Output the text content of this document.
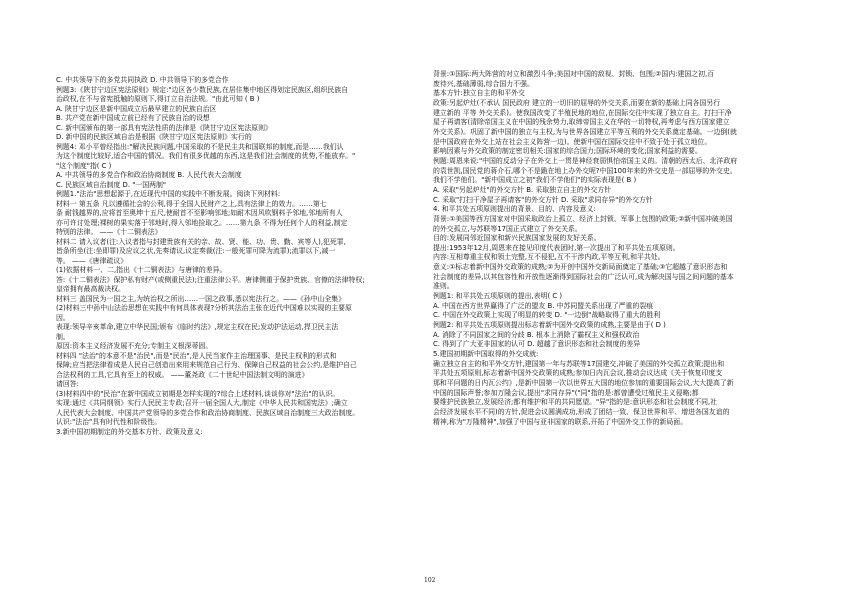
C. 中共领导下的多党共同执政 D. 中共领导下的多党合作
例题3:《陕甘宁边区宪法原则》规定:"边区各少数民族,在居住集中地区得划定民族区,组织民族自
治政权,在不与省宪抵触的原则下,得订立自治法规。"由此可知 ( B )
A. 陕甘宁边区是新中国成立后最早建立的民族自治区
B. 共产党在新中国成立前已经有了民族自治的设想
C. 新中国颁布的第一部具有宪法性质的法律是《陕甘宁边区宪法原则》
D. 新中国的民族区域自治是根据《陕甘宁边区宪法原则》实行的
例题4: 邓小平曾经指出:"解决民族问题,中国采取的不是民主共和国联邦的制度,而是……我们认
为这个制度比较好,适合中国的情况。我们有很多优越的东西,这是我们社会制度的优势,不能放弃。"
"这个制度"指( C )
A. 中共领导的多党合作和政治协商制度 B. 人民代表大会制度
C. 民族区域自治制度 D. "一国两制"
例题1."法治"思想起源于,在近现代中国的实践中不断发展。阅读下列材料:
材料一 第五条 凡以遵循社会的公利,得于全国人民财产之上,具有法律上的效力。……第七
条 耐钱越界的,应将首至奥坤十五尺,使耐首不至影响邻地;如耐木因风吹钢料予邻地,邻地所有人
亦可许讨处理;裸树的果实落于邻地时,得入邻地捡取之。……第九条 不得为任何个人的利益,制定
特别的法律。 ——《十二铜表法》
材料二 请入议者(注:入议者指与封建贵族有关的亲、故、贤、能、功、贵、勤、宾等人),犯死罪,
皆条所坐(注:坐即罪)及应议之状,先奏请议,议定奏裁(注:一般死罪可降为流罪);流罪以下,减一
等。 ——《唐律疏议》
(1)依据材料一、二,指出《十二铜表法》与唐律的差异。
答:《十二铜表法》保护私有财产(或侧重民法);注重法律公平。唐律侧重于保护贵族、官僚的法律特权;
皇帝拥有最高裁决权。
材料三 盖国民为一国之主,为统治权之所出……一国之政事,悉以宪法行之。——《孙中山全集》
(2)材料三中孙中山法治思想在实践中有何具体表现?分析其法治主张在近代中国难以实现的主要原
因。
表现:领导辛亥革命,建立中华民国;颁布《临时约法》,规定主权在民;发动护法运动,捍卫民主法
制。
原因:资本主义经济发展不充分;专制主义根深蒂固。
材料四 "法治"的本意不是"治民",而是"民治",是人民当家作主治理国事、是民主权利的形式和
保障;应当把法律看成是人民自己创造出来用来规范自己行为、保障自己权益的社会公约,是维护自己
合法权利的工具,它具有至上的权威。 ——董尧政《二十世纪中国法制文明的演进》
请回答:
(3)材料四中的"民治"在新中国成立初期是怎样实现的?综合上述材料,谈谈你对"法治"的认识。
实现:通过《共同纲领》实行人民民主专政;召开一届全国人大,制定《中华人民共和国宪法》;确立
人民代表大会制度、中国共产党领导的多党合作和政治协商制度、民族区域自治制度三大政治制度。
认识:"法治"具有时代性和阶级性。
3.新中国初期制定的外交基本方针、政策及意义:
背景:①国际:两大阵营的对立和激烈斗争;美国对中国的敌视、封锁、包围;②国内:建国之初,百
废待兴,基础薄弱,综合国力不强。
基本方针:独立自主的和平外交
政策:另起炉灶(不承认 国民政府 建立的一切旧的屈辱的外交关系,而要在新的基础上同各国另行
建立新的 平等 外交关系)。使我国改变了半殖民地的地位,在国际交往中实现了独立自主。打扫干净
屋子再请客(清除帝国主义在中国的残余势力,取缔帝国主义在华的一切特权,再考虑与西方国家建立
外交关系)。巩固了新中国的独立与主权,为与世界各国建立平等互利的外交关系奠定基础。一边倒(就
是中国政府在外交上站在社会主义阵营一边)。使新中国在国际交往中不致于处于孤立地位。
影响因素与外交政策的制定密切相关:国家的综合国力;国际环境的变化;国家利益的需要。
例题:周恩来说:"中国的反动分子在外交上一贯是神经衰弱惧怕帝国主义的。清朝的西太后、北洋政府
的袁世凯,国民党的蒋介石,哪个不是跪在地上办外交呢?中国100年来的外交史是一部屈辱的外交史。
我们不学他们。"新中国成立之初"我们不学他们"的实际表现是( B )
A. 采取"另起炉灶"的外交方针 B. 采取独立自主的外交方针
C. 采取"打扫干净屋子再请客"的外交方针 D. 采取"求同存异"的外交方针
4. 和平共处五项原则提出的背景、目的、内容及意义:
背景:①美国等西方国家对中国采取政治上孤立、经济上封锁、军事上包围的政策;②新中国冲破美国
的外交孤立,与苏联等17国正式建立了外交关系。
目的:发展同邻近国家和新兴民族国家发展的友好关系。
提出:1953年12月,周恩来在接见印度代表团时,第一次提出了和平共处五项原则。
内容:互相尊重主权和领土完整,互不侵犯,互不干涉内政,平等互利,和平共处。
意义:①标志着新中国外交政策的成熟;②为开创中国外交新局面奠定了基础;③它超越了意识形态和
社会制度的差异,以其包容性和开放性逐渐得到国际社会的广泛认可,成为解决国与国之间问题的基本
准则。
例题1: 和平共处五项原则的提出,表明( C )
A. 中国在西方世界赢得了广泛的盟友 B. 中苏同盟关系出现了严重的裂痕
C. 中国在外交政策上实现了明显的转变 D. "一边倒"战略取得了重大的胜利
例题2: 和平共处五项原则提出标志着新中国外交政策的成熟,主要是由于( D )
A. 消除了不同国家之间的分歧 B. 根本上消除了霸权主义和强权政治
C. 得到了广大亚非国家的认可 D. 超越了意识形态和社会制度的差异
5.建国初期新中国取得的外交成就:
确立独立自主的和平外交方针,建国第一年与苏联等17国建交,冲破了美国的外交孤立政策;提出和
平共处五项原则,标志着新中国外交政策的成熟;参加日内瓦会议,推动会议达成《关于恢复印度支
那和平问题的日内瓦公约》,是新中国第一次以世界五大国的地位参加的重要国际会议,大大提高了新
中国的国际声誉;参加万隆会议,提出"求同存异"("同"指的是:都曾遭受过殖民主义侵略;都
要维护民族独立,发展经济;都有维护和平的共同愿望。"异"指的是:意识形态和社会制度不同,社
会经济发展水平不同)的方针,促进会议圆满成功,形成了团结一致、保卫世界和平、增进各国友谊的
精神,称为"万隆精神",加强了中国与亚非国家的联系,开拓了中国外交工作的新局面。
102
